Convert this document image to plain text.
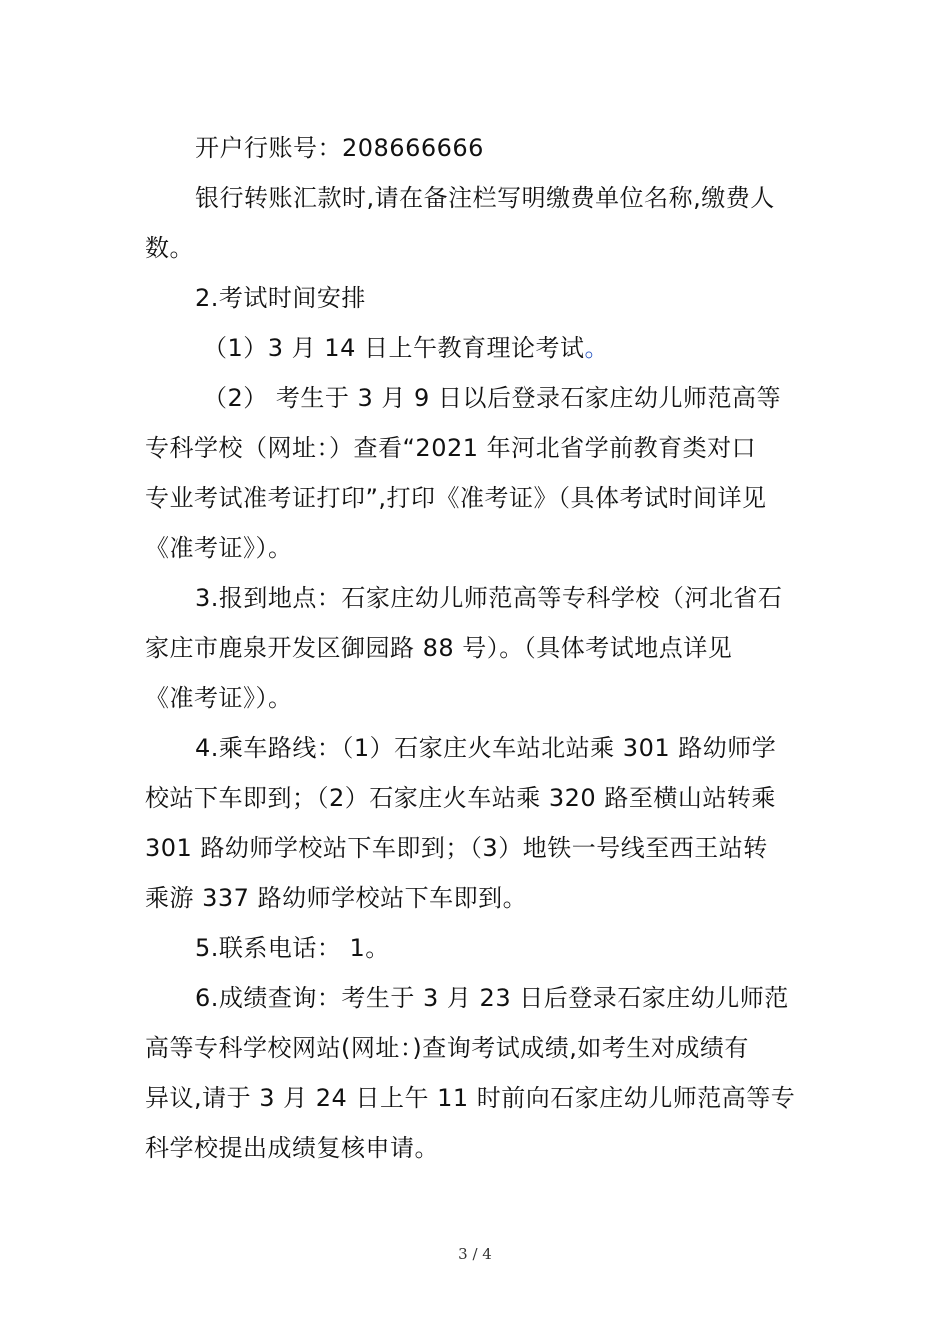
开户行账号：208666666
银行转账汇款时,请在备注栏写明缴费单位名称,缴费人
数。
2.考试时间安排
（1）3 月 14 日上午教育理论考试。
（2） 考生于 3 月 9 日以后登录石家庄幼儿师范高等
专科学校（网址：）查看“2021 年河北省学前教育类对口
专业考试准考证打印”,打印《准考证》（具体考试时间详见
《准考证》）。
3.报到地点：石家庄幼儿师范高等专科学校（河北省石
家庄市鹿泉开发区御园路 88 号）。（具体考试地点详见
《准考证》）。
4.乘车路线：（1）石家庄火车站北站乘 301 路幼师学
校站下车即到；（2）石家庄火车站乘 320 路至横山站转乘
301 路幼师学校站下车即到；（3）地铁一号线至西王站转
乘游 337 路幼师学校站下车即到。
5.联系电话： 1。
6.成绩查询：考生于 3 月 23 日后登录石家庄幼儿师范
高等专科学校网站(网址：)查询考试成绩,如考生对成绩有
异议,请于 3 月 24 日上午 11 时前向石家庄幼儿师范高等专
科学校提出成绩复核申请。
3 / 4
